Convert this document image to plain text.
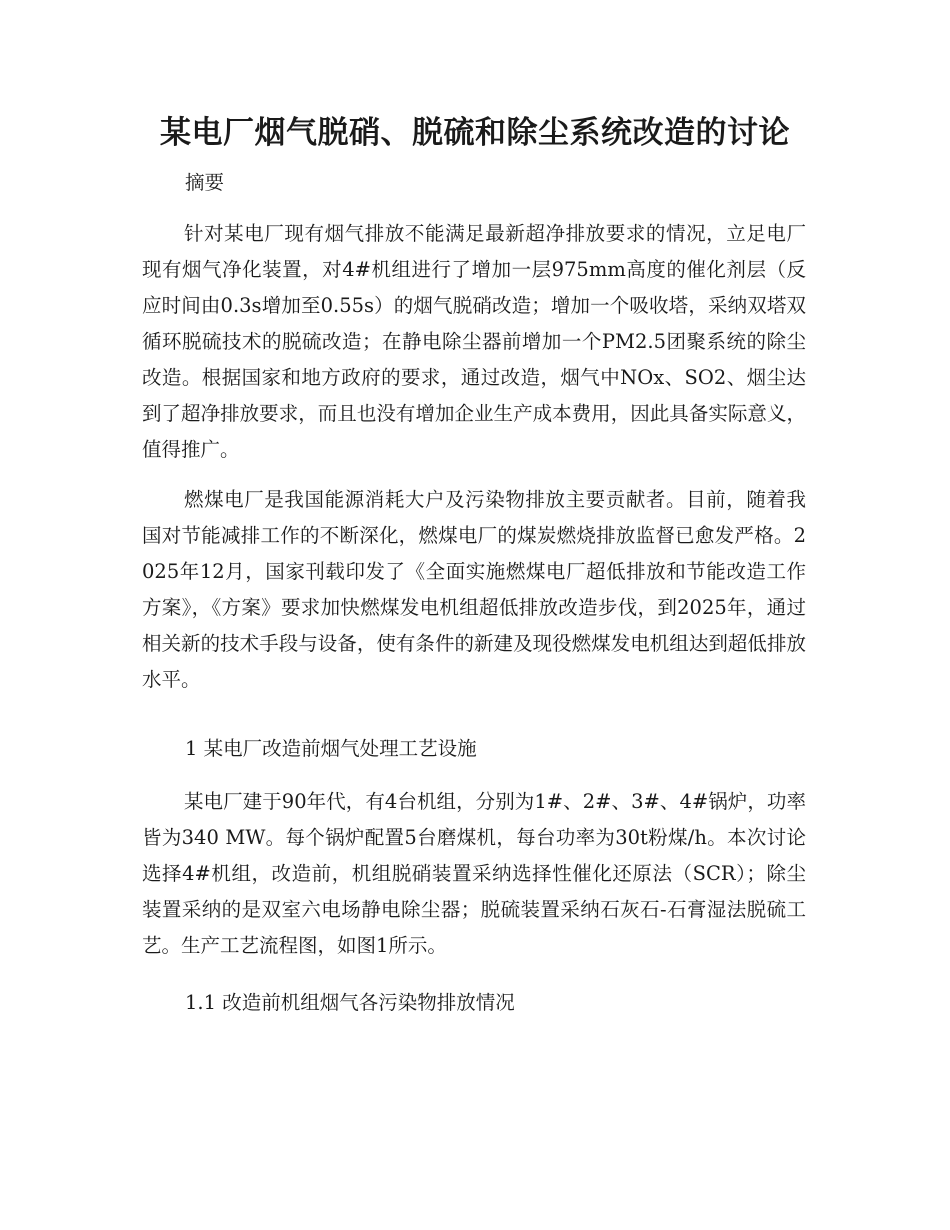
某电厂烟气脱硝、脱硫和除尘系统改造的讨论

摘要

针对某电厂现有烟气排放不能满足最新超净排放要求的情况，立足电厂现有烟气净化装置，对4#机组进行了增加一层975mm高度的催化剂层（反应时间由0.3s增加至0.55s）的烟气脱硝改造；增加一个吸收塔，采纳双塔双循环脱硫技术的脱硫改造；在静电除尘器前增加一个PM2.5团聚系统的除尘改造。根据国家和地方政府的要求，通过改造，烟气中NOx、SO2、烟尘达到了超净排放要求，而且也没有增加企业生产成本费用，因此具备实际意义，值得推广。

燃煤电厂是我国能源消耗大户及污染物排放主要贡献者。目前，随着我国对节能减排工作的不断深化，燃煤电厂的煤炭燃烧排放监督已愈发严格。2025年12月，国家刊载印发了《全面实施燃煤电厂超低排放和节能改造工作方案》，《方案》要求加快燃煤发电机组超低排放改造步伐，到2025年，通过相关新的技术手段与设备，使有条件的新建及现役燃煤发电机组达到超低排放水平。

1 某电厂改造前烟气处理工艺设施

某电厂建于90年代，有4台机组，分别为1#、2#、3#、4#锅炉，功率皆为340 MW。每个锅炉配置5台磨煤机，每台功率为30t粉煤/h。本次讨论选择4#机组，改造前，机组脱硝装置采纳选择性催化还原法（SCR）；除尘装置采纳的是双室六电场静电除尘器；脱硫装置采纳石灰石-石膏湿法脱硫工艺。生产工艺流程图，如图1所示。

1.1 改造前机组烟气各污染物排放情况
